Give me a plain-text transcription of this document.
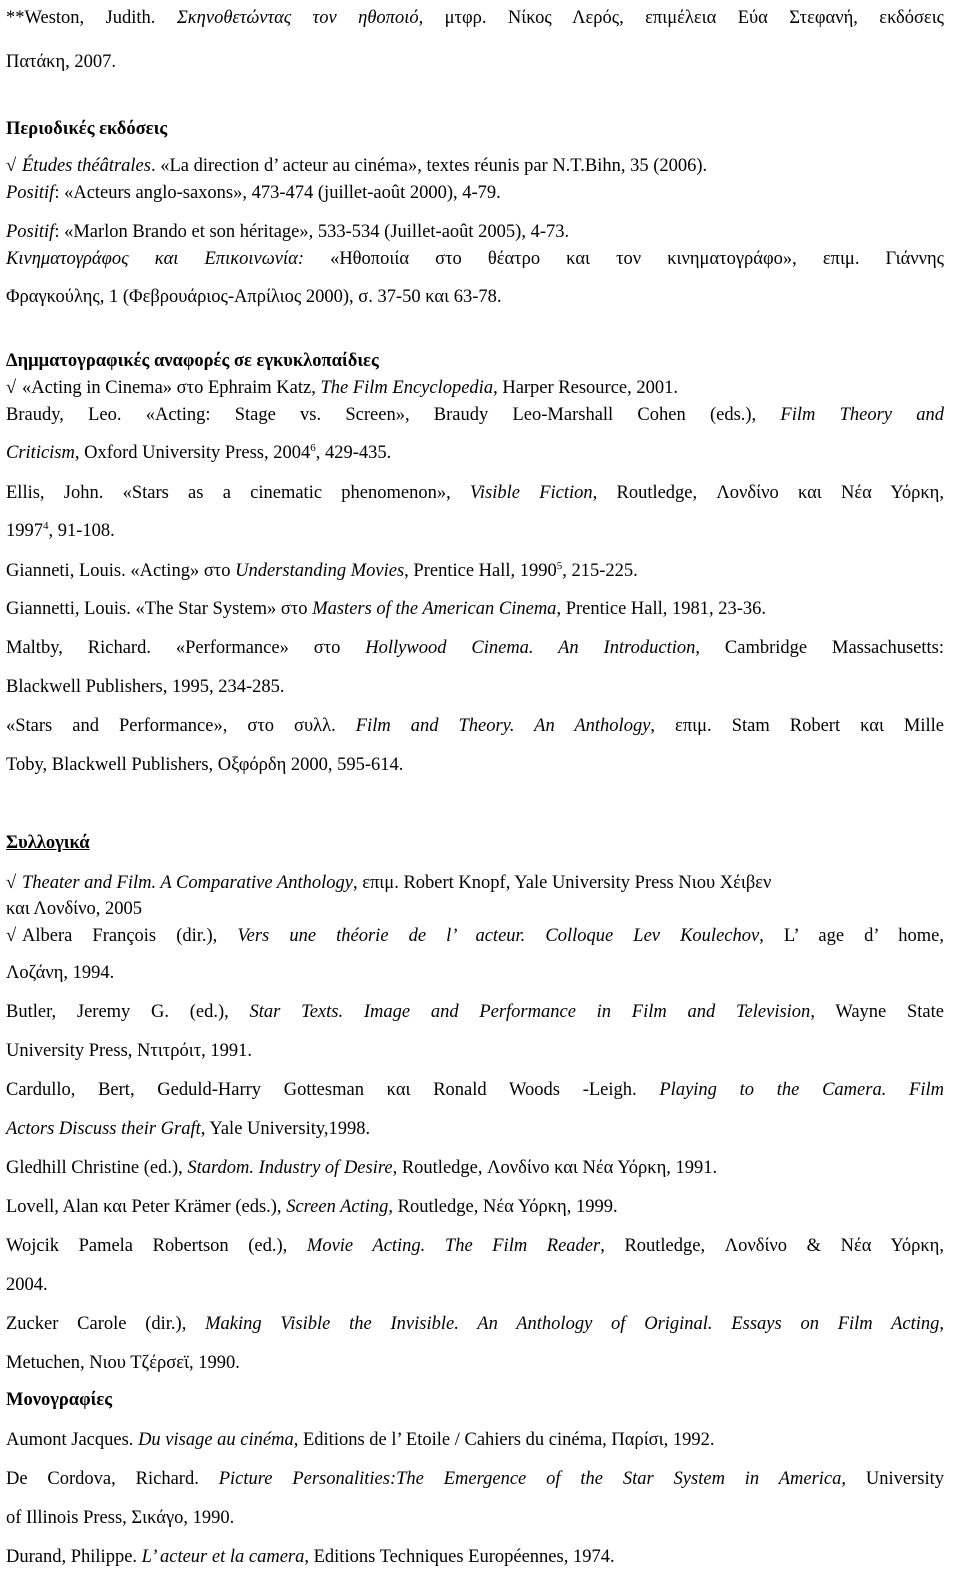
**Weston, Judith. Σκηνοθετώντας τον ηθοποιό, μτφρ. Νίκος Λερός, επιμέλεια Εύα Στεφανή, εκδόσεις
Πατάκη, 2007.
Περιοδικές εκδόσεις
√ Études théâtrales. «La direction d’ acteur au cinéma», textes réunis par N.T.Bihn, 35 (2006).
Positif: «Acteurs anglo-saxons», 473-474 (juillet-août 2000), 4-79.
Positif: «Marlon Brando et son héritage», 533-534 (Juillet-août 2005), 4-73.
Κινηματογράφος και Επικοινωνία: «Ηθοποιία στο θέατρο και τον κινηματογράφο», επιμ. Γιάννης
Φραγκούλης, 1 (Φεβρουάριος-Απρίλιος 2000), σ. 37-50 και 63-78.
Δημματογραφικές αναφορές σε εγκυκλοπαίδιες
√ «Acting in Cinema» στο Ephraim Katz, The Film Encyclopedia, Harper Resource, 2001.
Braudy, Leo. «Acting: Stage vs. Screen», Braudy Leo-Marshall Cohen (eds.), Film Theory and
Criticism, Oxford University Press, 2004$^6$, 429-435.
Ellis, John. «Stars as a cinematic phenomenon», Visible Fiction, Routledge, Λονδίνο και Νέα Υόρκη,
1997$^4$, 91-108.
Gianneti, Louis. «Acting» στο Understanding Movies, Prentice Hall, 1990$^5$, 215-225.
Giannetti, Louis. «The Star System» στο Masters of the American Cinema, Prentice Hall, 1981, 23-36.
Maltby, Richard. «Performance» στο Hollywood Cinema. An Introduction, Cambridge Massachusetts:
Blackwell Publishers, 1995, 234-285.
«Stars and Performance», στο συλλ. Film and Theory. An Anthology, επιμ. Stam Robert και Mille
Toby, Blackwell Publishers, Οξφόρδη 2000, 595-614.
Συλλογικά
√ Theater and Film. A Comparative Anthology, επιμ. Robert Knopf, Yale University Press Νιου Χέιβεν
και Λονδίνο, 2005
√ Albera François (dir.), Vers une théorie de l’ acteur. Colloque Lev Koulechov, L’ age d’ home,
Λοζάνη, 1994.
Butler, Jeremy G. (ed.), Star Texts. Image and Performance in Film and Television, Wayne State
University Press, Ντιτρόιτ, 1991.
Cardullo, Bert, Geduld-Harry Gottesman και Ronald Woods -Leigh. Playing to the Camera. Film
Actors Discuss their Graft, Yale University,1998.
Gledhill Christine (ed.), Stardom. Industry of Desire, Routledge, Λονδίνο και Νέα Υόρκη, 1991.
Lovell, Alan και Peter Krämer (eds.), Screen Acting, Routledge, Νέα Υόρκη, 1999.
Wojcik Pamela Robertson (ed.), Movie Acting. The Film Reader, Routledge, Λονδίνο & Νέα Υόρκη,
2004.
Zucker Carole (dir.), Making Visible the Invisible. An Anthology of Original. Essays on Film Acting,
Metuchen, Νιου Τζέρσεϊ, 1990.
Μονογραφίες
Aumont Jacques. Du visage au cinéma, Editions de l’ Etoile / Cahiers du cinéma, Παρίσι, 1992.
De Cordova, Richard. Picture Personalities:The Emergence of the Star System in America, University
of Illinois Press, Σικάγο, 1990.
Durand, Philippe. L’ acteur et la camera, Editions Techniques Européennes, 1974.
